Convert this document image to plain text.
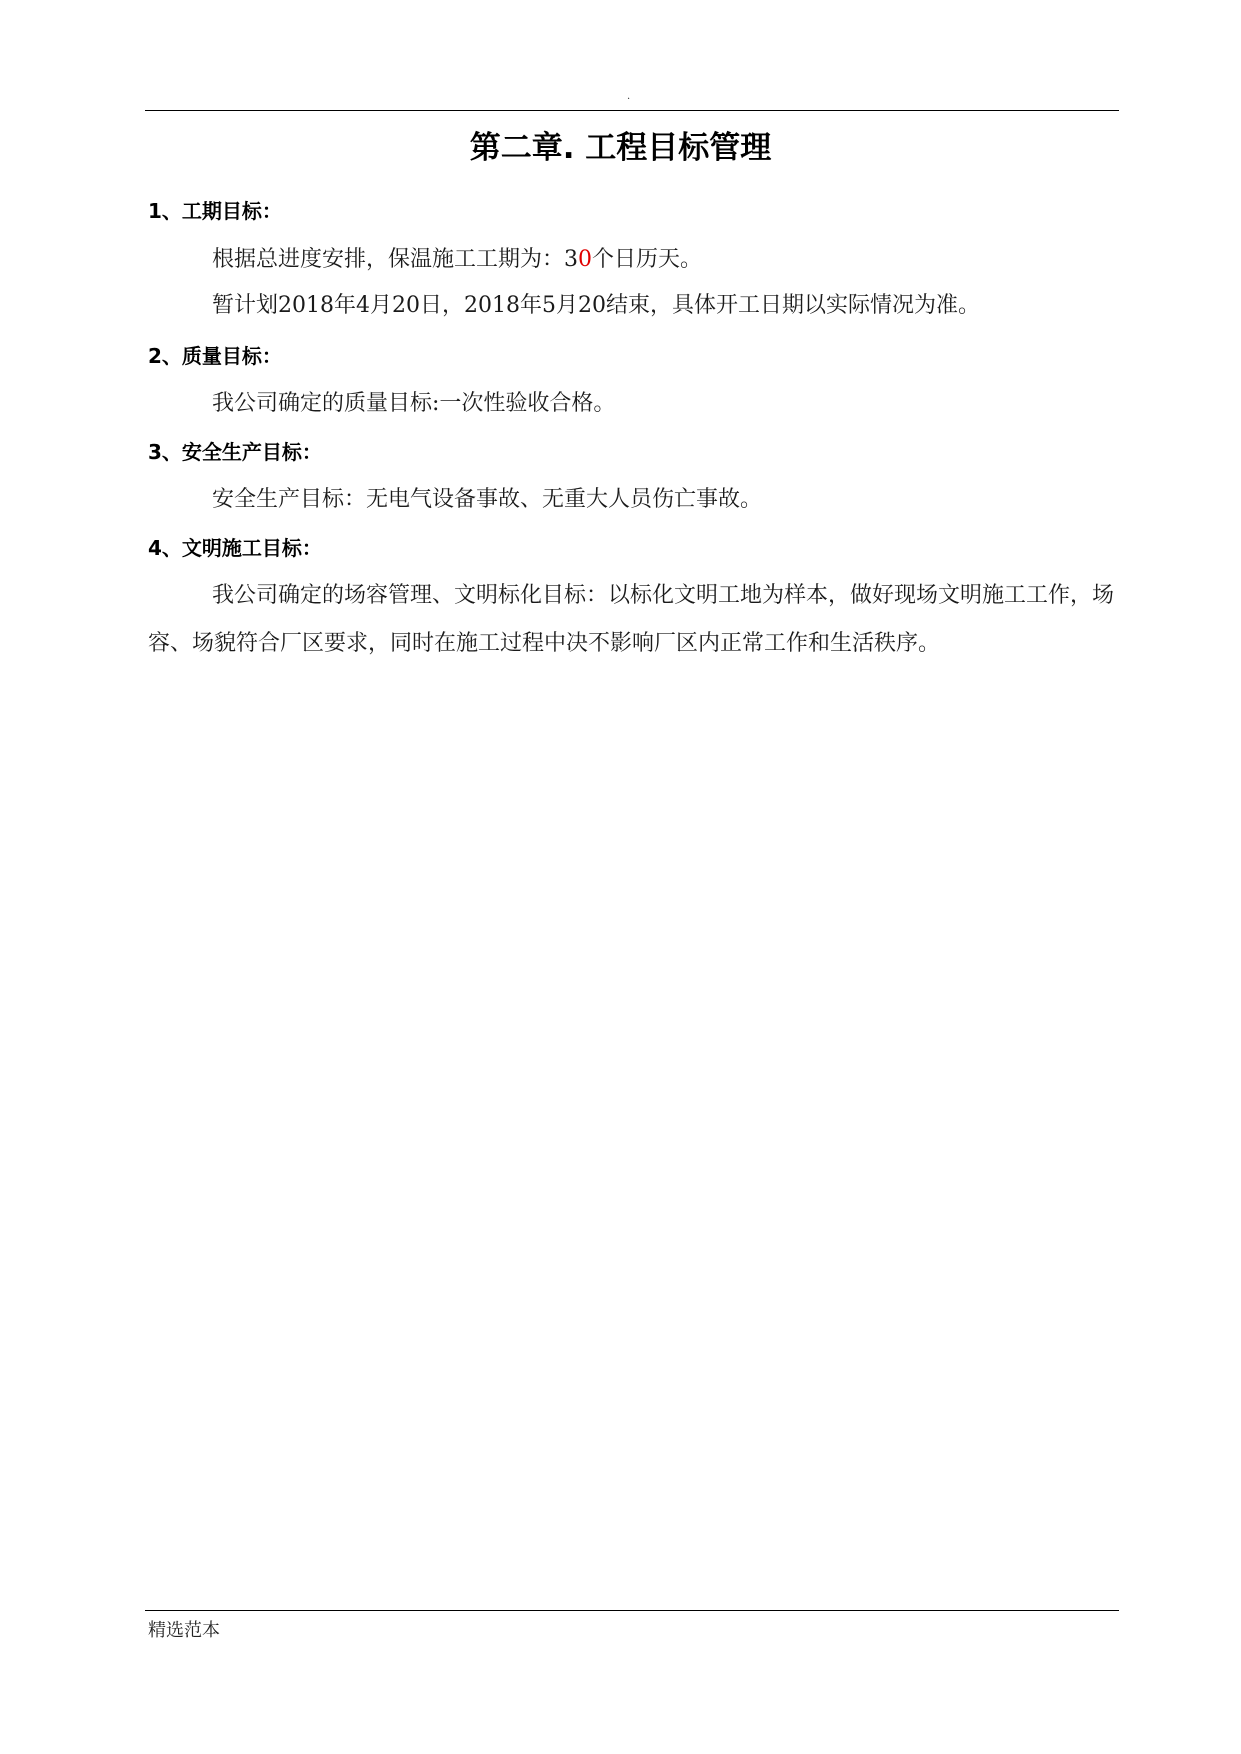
.
第二章. 工程目标管理
1、工期目标：
根据总进度安排，保温施工工期为：30个日历天。
暂计划2018年4月20日，2018年5月20结束，具体开工日期以实际情况为准。
2、质量目标：
我公司确定的质量目标:一次性验收合格。
3、安全生产目标：
安全生产目标：无电气设备事故、无重大人员伤亡事故。
4、文明施工目标：
我公司确定的场容管理、文明标化目标：以标化文明工地为样本，做好现场文明施工工作，场容、场貌符合厂区要求，同时在施工过程中决不影响厂区内正常工作和生活秩序。
精选范本
